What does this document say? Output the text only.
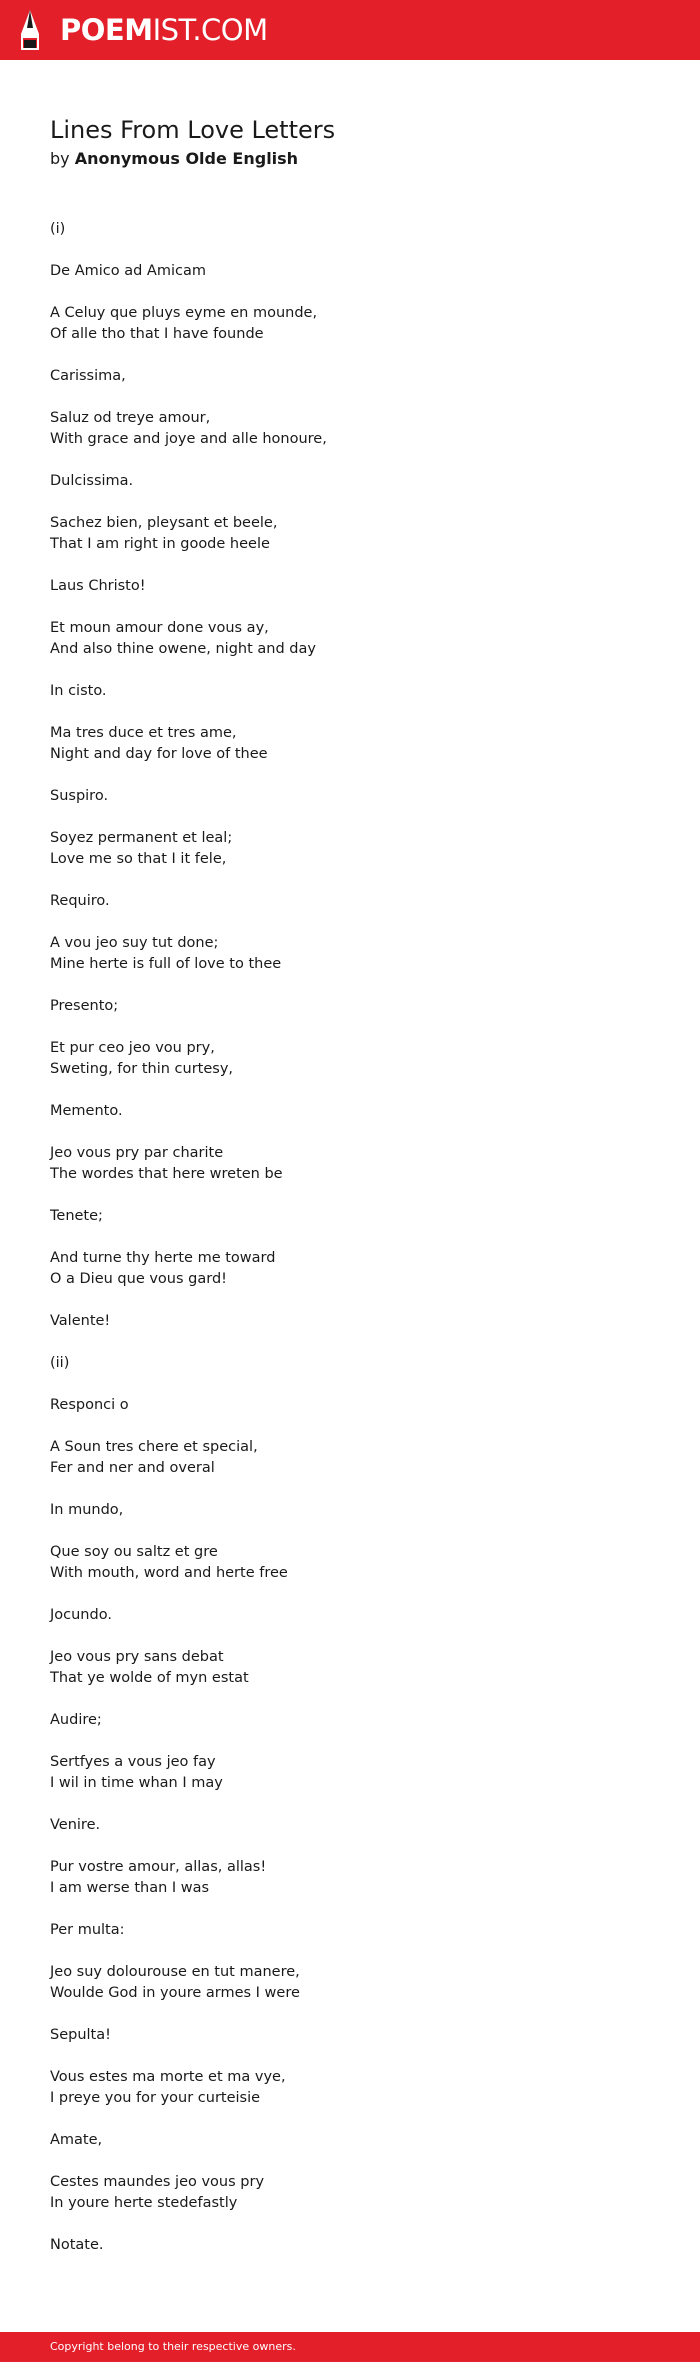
POEMIST.COM
Lines From Love Letters
by Anonymous Olde English
(i)
De Amico ad Amicam
A Celuy que pluys eyme en mounde,
Of alle tho that I have founde
Carissima,
Saluz od treye amour,
With grace and joye and alle honoure,
Dulcissima.
Sachez bien, pleysant et beele,
That I am right in goode heele
Laus Christo!
Et moun amour done vous ay,
And also thine owene, night and day
In cisto.
Ma tres duce et tres ame,
Night and day for love of thee
Suspiro.
Soyez permanent et leal;
Love me so that I it fele,
Requiro.
A vou jeo suy tut done;
Mine herte is full of love to thee
Presento;
Et pur ceo jeo vou pry,
Sweting, for thin curtesy,
Memento.
Jeo vous pry par charite
The wordes that here wreten be
Tenete;
And turne thy herte me toward
O a Dieu que vous gard!
Valente!
(ii)
Responci o
A Soun tres chere et special,
Fer and ner and overal
In mundo,
Que soy ou saltz et gre
With mouth, word and herte free
Jocundo.
Jeo vous pry sans debat
That ye wolde of myn estat
Audire;
Sertfyes a vous jeo fay
I wil in time whan I may
Venire.
Pur vostre amour, allas, allas!
I am werse than I was
Per multa:
Jeo suy dolourouse en tut manere,
Woulde God in youre armes I were
Sepulta!
Vous estes ma morte et ma vye,
I preye you for your curteisie
Amate,
Cestes maundes jeo vous pry
In youre herte stedefastly
Notate.
Copyright belong to their respective owners.
